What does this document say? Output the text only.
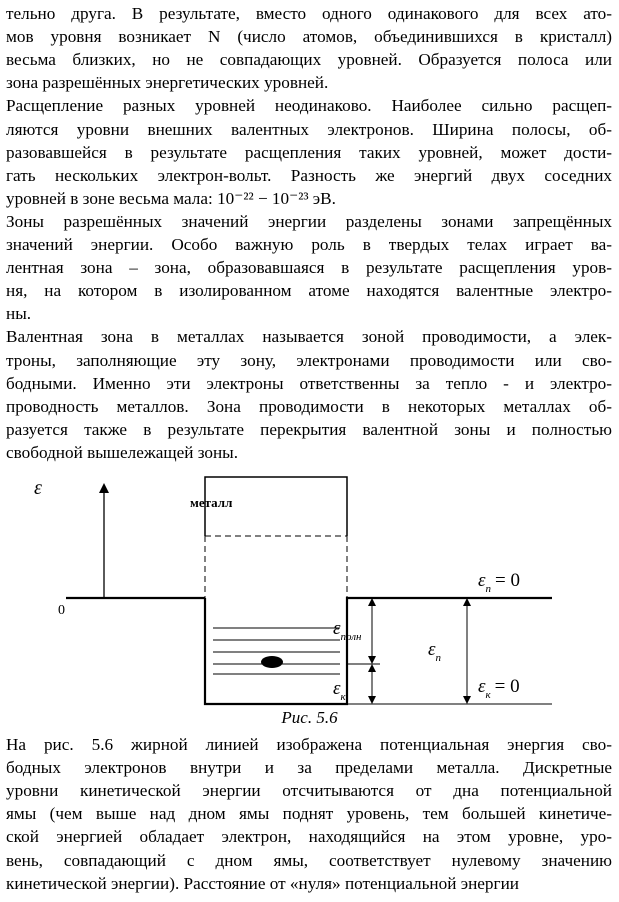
тельно друга. В результате, вместо одного одинакового для всех ато-
мов уровня возникает N (число атомов, объединившихся в кристалл)
весьма близких, но не совпадающих уровней. Образуется полоса или
зона разрешённых энергетических уровней.
Расщепление разных уровней неодинаково. Наиболее сильно расщеп-
ляются уровни внешних валентных электронов. Ширина полосы, об-
разовавшейся в результате расщепления таких уровней, может дости-
гать нескольких электрон-вольт. Разность же энергий двух соседних
уровней в зоне весьма мала: 10⁻²² − 10⁻²³ эВ.
Зоны разрешённых значений энергии разделены зонами запрещённых
значений энергии. Особо важную роль в твердых телах играет ва-
лентная зона – зона, образовавшаяся в результате расщепления уров-
ня, на котором в изолированном атоме находятся валентные электро-
ны.
Валентная зона в металлах называется зоной проводимости, а элек-
троны, заполняющие эту зону, электронами проводимости или сво-
бодными. Именно эти электроны ответственны за тепло - и электро-
проводность металлов. Зона проводимости в некоторых металлах об-
разуется также в результате перекрытия валентной зоны и полностью
свободной вышележащей зоны.
ε
0
металл
$\varepsilon_{полн}$
$\varepsilon_к$
$\varepsilon_n$
$\varepsilon_n = 0$
$\varepsilon_к = 0$
Рис. 5.6
На рис. 5.6 жирной линией изображена потенциальная энергия сво-
бодных электронов внутри и за пределами металла. Дискретные
уровни кинетической энергии отсчитываются от дна потенциальной
ямы (чем выше над дном ямы поднят уровень, тем большей кинетиче-
ской энергией обладает электрон, находящийся на этом уровне, уро-
вень, совпадающий с дном ямы, соответствует нулевому значению
кинетической энергии). Расстояние от «нуля» потенциальной энергии
